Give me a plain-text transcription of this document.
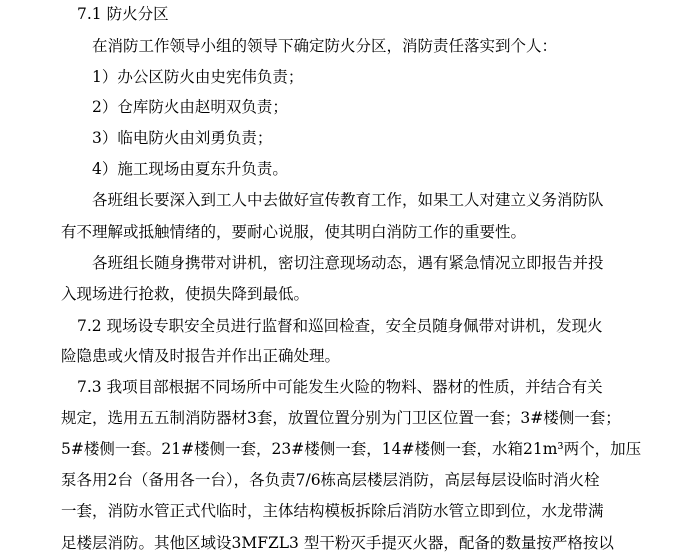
7.1 防火分区
在消防工作领导小组的领导下确定防火分区，消防责任落实到个人：
1）办公区防火由史宪伟负责；
2）仓库防火由赵明双负责；
3）临电防火由刘勇负责；
4）施工现场由夏东升负责。
各班组长要深入到工人中去做好宣传教育工作，如果工人对建立义务消防队
有不理解或抵触情绪的，要耐心说服，使其明白消防工作的重要性。
各班组长随身携带对讲机，密切注意现场动态，遇有紧急情况立即报告并投
入现场进行抢救，使损失降到最低。
7.2 现场设专职安全员进行监督和巡回检查，安全员随身佩带对讲机，发现火
险隐患或火情及时报告并作出正确处理。
7.3 我项目部根据不同场所中可能发生火险的物料、器材的性质，并结合有关
规定，选用五五制消防器材3套，放置位置分别为门卫区位置一套；3#楼侧一套；
5#楼侧一套。21#楼侧一套，23#楼侧一套，14#楼侧一套，水箱21m³两个，加压
泵各用2台（备用各一台），各负责7/6栋高层楼层消防，高层每层设临时消火栓
一套，消防水管正式代临时，主体结构模板拆除后消防水管立即到位，水龙带满
足楼层消防。其他区域设3MFZL3 型干粉灭手提灭火器，配备的数量按严格按以
